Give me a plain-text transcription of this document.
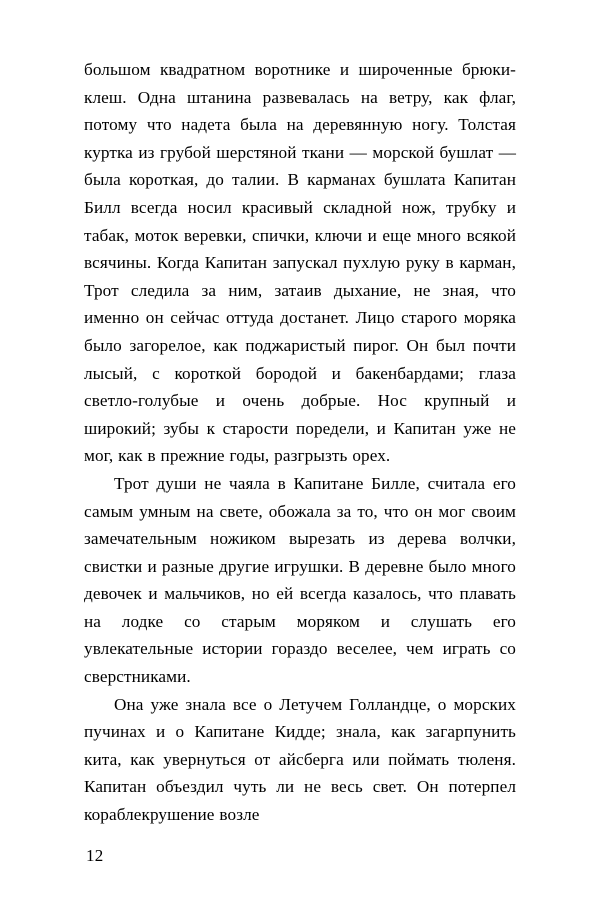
большом квадратном воротнике и широченные брюки-клеш. Одна штанина развевалась на ветру, как флаг, потому что надета была на деревянную ногу. Толстая куртка из грубой шерстяной ткани — морской бушлат — была короткая, до талии. В карманах бушлата Капитан Билл всегда носил красивый складной нож, трубку и табак, моток веревки, спички, ключи и еще много всякой всячины. Когда Капитан запускал пухлую руку в карман, Трот следила за ним, затаив дыхание, не зная, что именно он сейчас оттуда достанет. Лицо старого моряка было загорелое, как поджаристый пирог. Он был почти лысый, с короткой бородой и бакенбардами; глаза светло-голубые и очень добрые. Нос крупный и широкий; зубы к старости поредели, и Капитан уже не мог, как в прежние годы, разгрызть орех.

Трот души не чаяла в Капитане Билле, считала его самым умным на свете, обожала за то, что он мог своим замечательным ножиком вырезать из дерева волчки, свистки и разные другие игрушки. В деревне было много девочек и мальчиков, но ей всегда казалось, что плавать на лодке со старым моряком и слушать его увлекательные истории гораздо веселее, чем играть со сверстниками.

Она уже знала все о Летучем Голландце, о морских пучинах и о Капитане Кидде; знала, как загарпунить кита, как увернуться от айсберга или поймать тюленя. Капитан объездил чуть ли не весь свет. Он потерпел кораблекрушение возле

12
